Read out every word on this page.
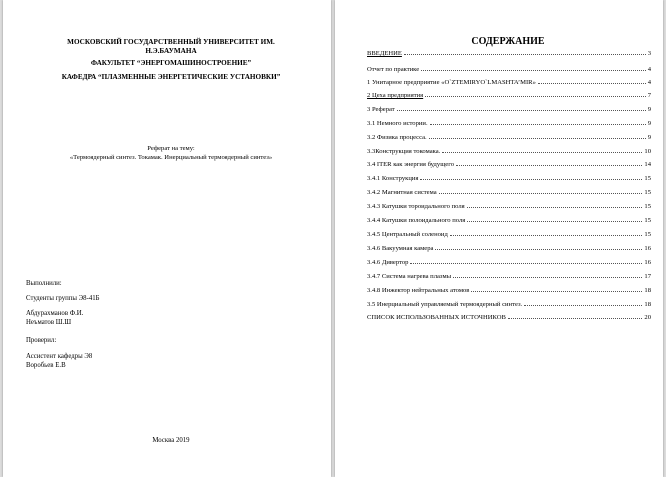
МОСКОВСКИЙ ГОСУДАРСТВЕННЫЙ УНИВЕРСИТЕТ ИМ.
Н.Э.БАУМАНА
ФАКУЛЬТЕТ “ЭНЕРГОМАШИНОСТРОЕНИЕ”
КАФЕДРА “ПЛАЗМЕННЫЕ ЭНЕРГЕТИЧЕСКИЕ УСТАНОВКИ”
Реферат на тему:
«Термоядерный синтез. Токамак. Инерциальный термоядерный синтез»
Выполнили:
Студенты группы Э8-41Б
Абдурахманов Ф.И.
Неъматов Ш.Ш
Проверил:
Ассистент кафедры Э8
Воробьев Е.В
Москва 2019
СОДЕРЖАНИЕ
ВВЕДЕНИЕ	3
Отчет по практике	4
1 Унитарное предприятие «O`ZTEMIRYO`LMASHTA’MIR»	4
2 Цеха предприятия	7
3 Реферат	9
3.1 Немного истории.	9
3.2 Физика процесса.	9
3.3Конструкция токомака.	10
3.4 ITER как энергия будущего	14
3.4.1 Конструкция	15
3.4.2 Магнитная система	15
3.4.3 Катушки тороидального поля	15
3.4.4 Катушки полоидального поля	15
3.4.5 Центральный соленоид	15
3.4.6 Вакуумная камера	16
3.4.6 Дивертор	16
3.4.7 Система нагрева плазмы	17
3.4.8 Инжектор нейтральных атомов	18
3.5 Инерциальный управляемый термоядерный синтез.	18
СПИСОК ИСПОЛЬЗОВАННЫХ ИСТОЧНИКОВ	20
